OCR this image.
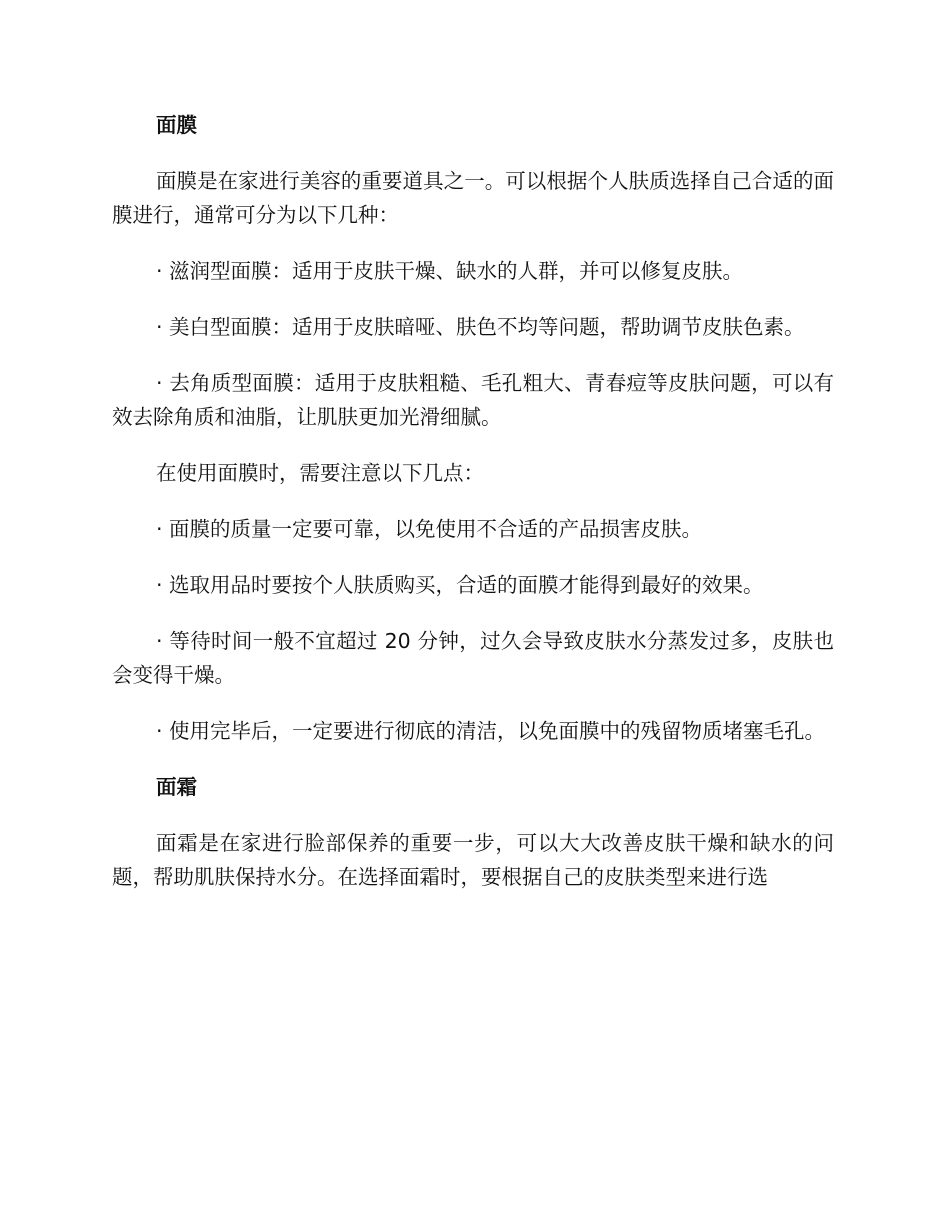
面膜

面膜是在家进行美容的重要道具之一。可以根据个人肤质选择自己合适的面膜进行，通常可分为以下几种：

· 滋润型面膜：适用于皮肤干燥、缺水的人群，并可以修复皮肤。

· 美白型面膜：适用于皮肤暗哑、肤色不均等问题，帮助调节皮肤色素。

· 去角质型面膜：适用于皮肤粗糙、毛孔粗大、青春痘等皮肤问题，可以有效去除角质和油脂，让肌肤更加光滑细腻。

在使用面膜时，需要注意以下几点：

· 面膜的质量一定要可靠，以免使用不合适的产品损害皮肤。

· 选取用品时要按个人肤质购买，合适的面膜才能得到最好的效果。

· 等待时间一般不宜超过 20 分钟，过久会导致皮肤水分蒸发过多，皮肤也会变得干燥。

· 使用完毕后，一定要进行彻底的清洁，以免面膜中的残留物质堵塞毛孔。

面霜

面霜是在家进行脸部保养的重要一步，可以大大改善皮肤干燥和缺水的问题，帮助肌肤保持水分。在选择面霜时，要根据自己的皮肤类型来进行选
